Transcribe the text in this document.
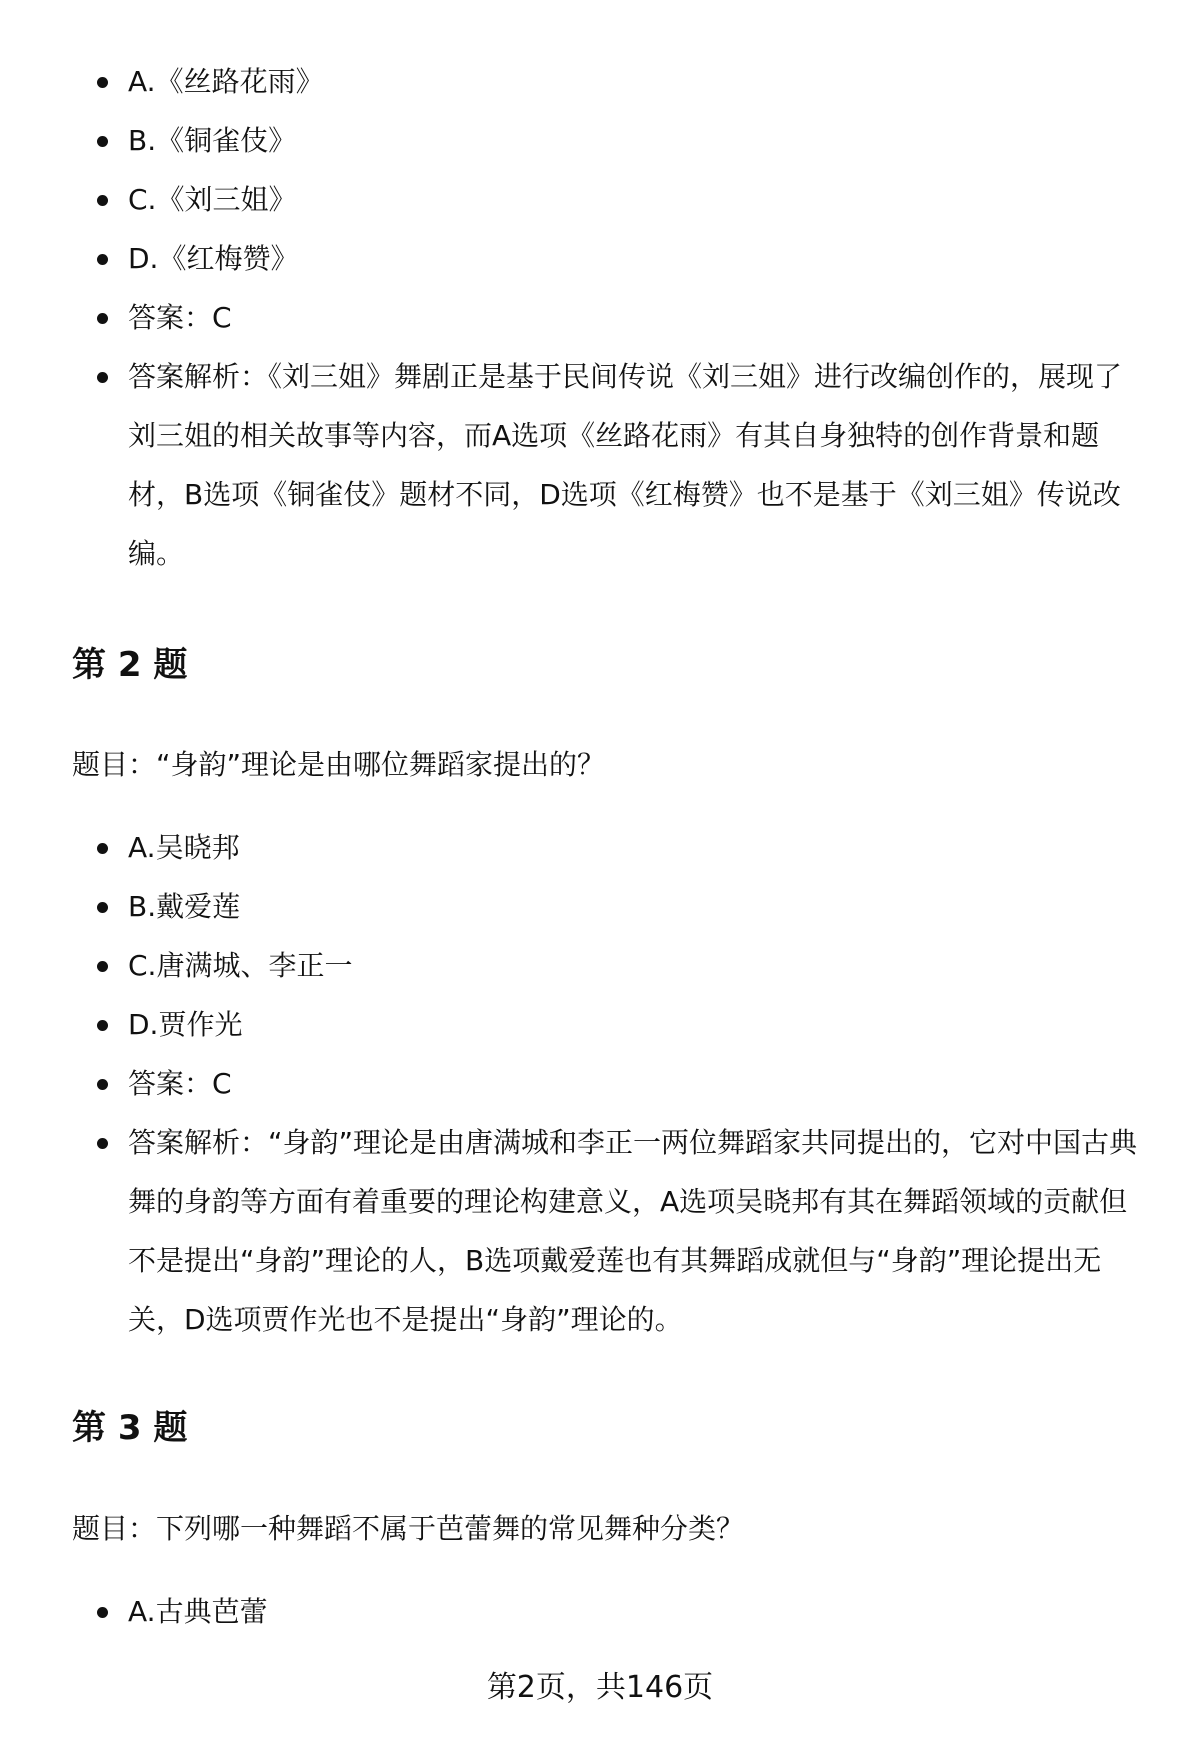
A.《丝路花雨》
B.《铜雀伎》
C.《刘三姐》
D.《红梅赞》
答案：C
答案解析：《刘三姐》舞剧正是基于民间传说《刘三姐》进行改编创作的，展现了刘三姐的相关故事等内容，而A选项《丝路花雨》有其自身独特的创作背景和题材，B选项《铜雀伎》题材不同，D选项《红梅赞》也不是基于《刘三姐》传说改编。
第 2 题
题目：“身韵”理论是由哪位舞蹈家提出的？
A.吴晓邦
B.戴爱莲
C.唐满城、李正一
D.贾作光
答案：C
答案解析：“身韵”理论是由唐满城和李正一两位舞蹈家共同提出的，它对中国古典舞的身韵等方面有着重要的理论构建意义，A选项吴晓邦有其在舞蹈领域的贡献但不是提出“身韵”理论的人，B选项戴爱莲也有其舞蹈成就但与“身韵”理论提出无关，D选项贾作光也不是提出“身韵”理论的。
第 3 题
题目：下列哪一种舞蹈不属于芭蕾舞的常见舞种分类？
A.古典芭蕾
第2页，共146页
